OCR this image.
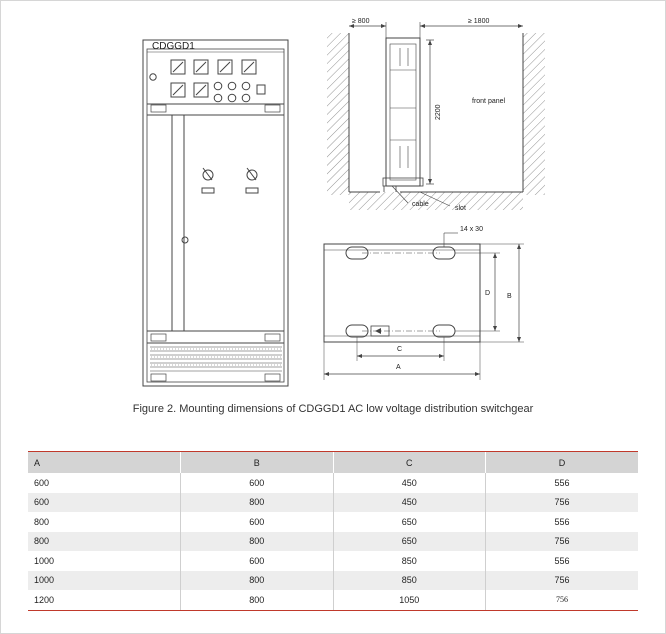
CDGGD1
≥ 800	≥ 1800
2200
front panel
cable
slot
14 x 30
D B
C
A
Figure 2. Mounting dimensions of CDGGD1 AC low voltage distribution switchgear
A	B	C	D
600	600	450	556
600	800	450	756
800	600	650	556
800	800	650	756
1000	600	850	556
1000	800	850	756
1200	800	1050	756
